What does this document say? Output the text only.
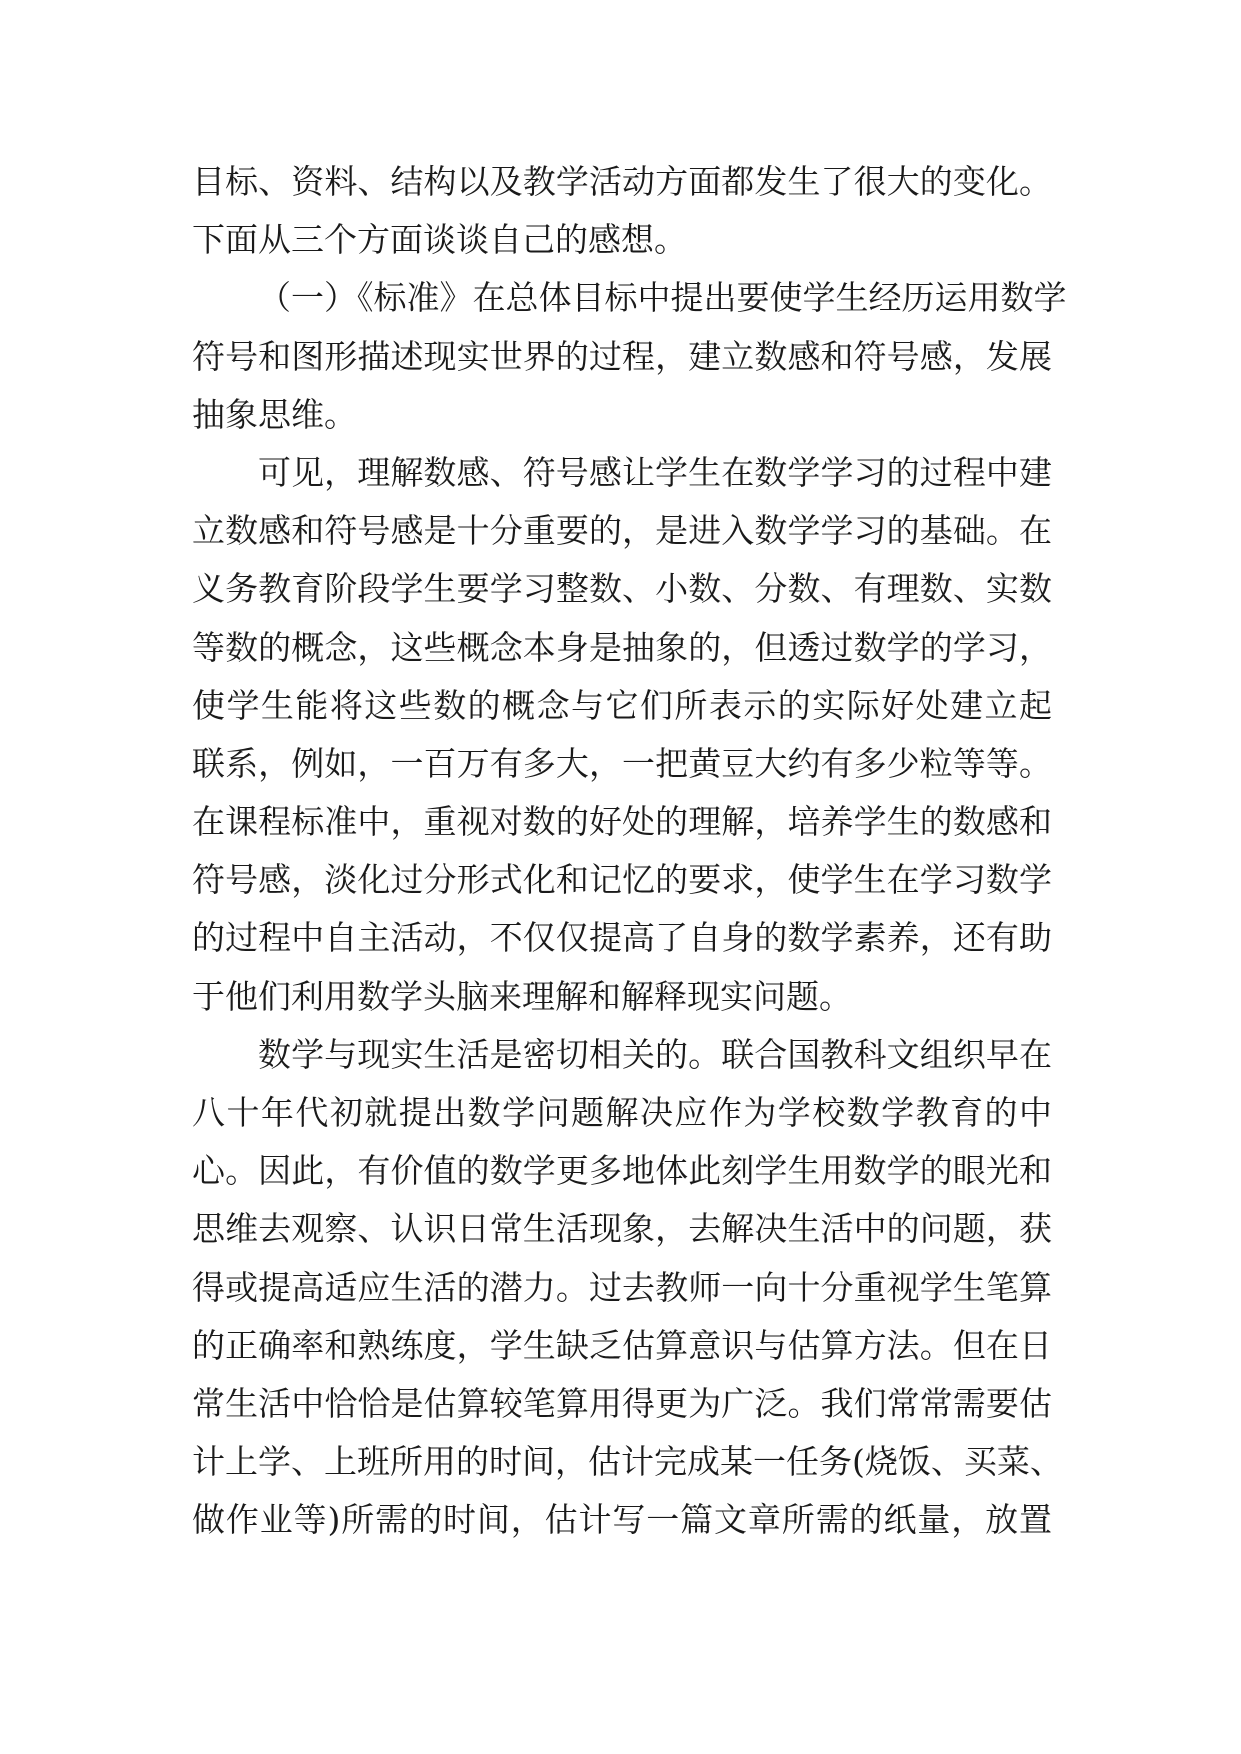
目标、资料、结构以及教学活动方面都发生了很大的变化。
下面从三个方面谈谈自己的感想。
（一）《标准》在总体目标中提出要使学生经历运用数学
符号和图形描述现实世界的过程，建立数感和符号感，发展
抽象思维。
可见，理解数感、符号感让学生在数学学习的过程中建
立数感和符号感是十分重要的，是进入数学学习的基础。在
义务教育阶段学生要学习整数、小数、分数、有理数、实数
等数的概念，这些概念本身是抽象的，但透过数学的学习，
使学生能将这些数的概念与它们所表示的实际好处建立起
联系，例如，一百万有多大，一把黄豆大约有多少粒等等。
在课程标准中，重视对数的好处的理解，培养学生的数感和
符号感，淡化过分形式化和记忆的要求，使学生在学习数学
的过程中自主活动，不仅仅提高了自身的数学素养，还有助
于他们利用数学头脑来理解和解释现实问题。
数学与现实生活是密切相关的。联合国教科文组织早在
八十年代初就提出数学问题解决应作为学校数学教育的中
心。因此，有价值的数学更多地体此刻学生用数学的眼光和
思维去观察、认识日常生活现象，去解决生活中的问题，获
得或提高适应生活的潜力。过去教师一向十分重视学生笔算
的正确率和熟练度，学生缺乏估算意识与估算方法。但在日
常生活中恰恰是估算较笔算用得更为广泛。我们常常需要估
计上学、上班所用的时间，估计完成某一任务(烧饭、买菜、
做作业等)所需的时间，估计写一篇文章所需的纸量，放置
